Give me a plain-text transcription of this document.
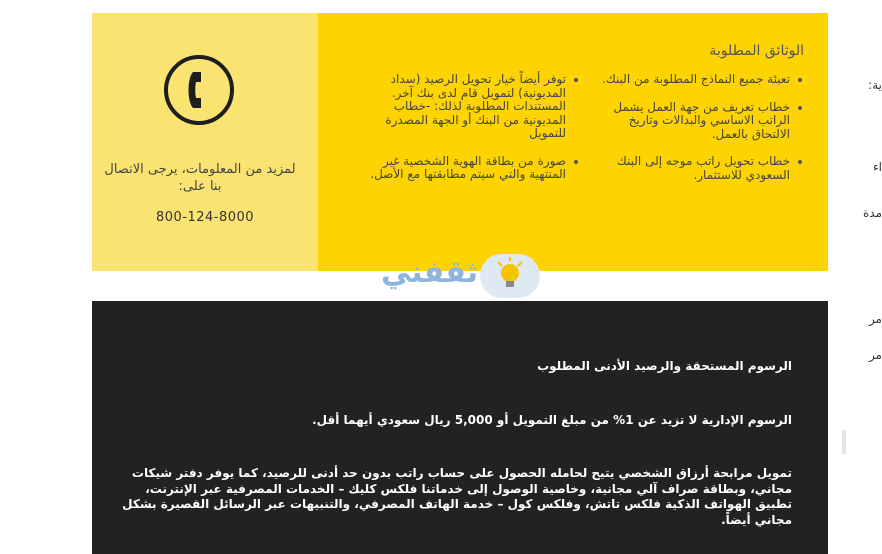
لمزيد من المعلومات، يرجى الاتصال بنا على:
800-124-8000
الوثائق المطلوبة
تعبئة جميع النماذج المطلوبة من البنك.
خطاب تعريف من جهة العمل يشمل الراتب الاساسي والبدالات وتاريخ الالتحاق بالعمل.
خطاب تحويل راتب موجه إلى البنك السعودي للاستثمار.
توفر أيضاً خيار تحويل الرصيد (سداد المديونية) لتمويل قام لدى بنك آخر. المستندات المطلوبة لذلك: -خطاب المديونية من البنك أو الجهة المصدرة للتمويل
صورة من بطاقة الهوية الشخصية غير المنتهية والتي سيتم مطابقتها مع الأصل.
ثقفني

الرسوم المستحقة والرصيد الأدنى المطلوب

الرسوم الإدارية لا تزيد عن 1% من مبلغ التمويل أو 5,000 ريال سعودي أيهما أقل.

تمويل مرابحة أرزاق الشخصي يتيح لحامله الحصول على حساب راتب بدون حد أدنى للرصيد، كما يوفر دفتر شيكات مجاني، وبطاقة صراف آلي مجانية، وخاصية الوصول إلى خدماتنا فلكس كليك – الخدمات المصرفية عبر الإنترنت، تطبيق الهواتف الذكية فلكس تاتش، وفلكس كول – خدمة الهاتف المصرفي، والتنبيهات عبر الرسائل القصيرة بشكل مجاني أيضاً.

ية:
اء
مدة
مر
مر
